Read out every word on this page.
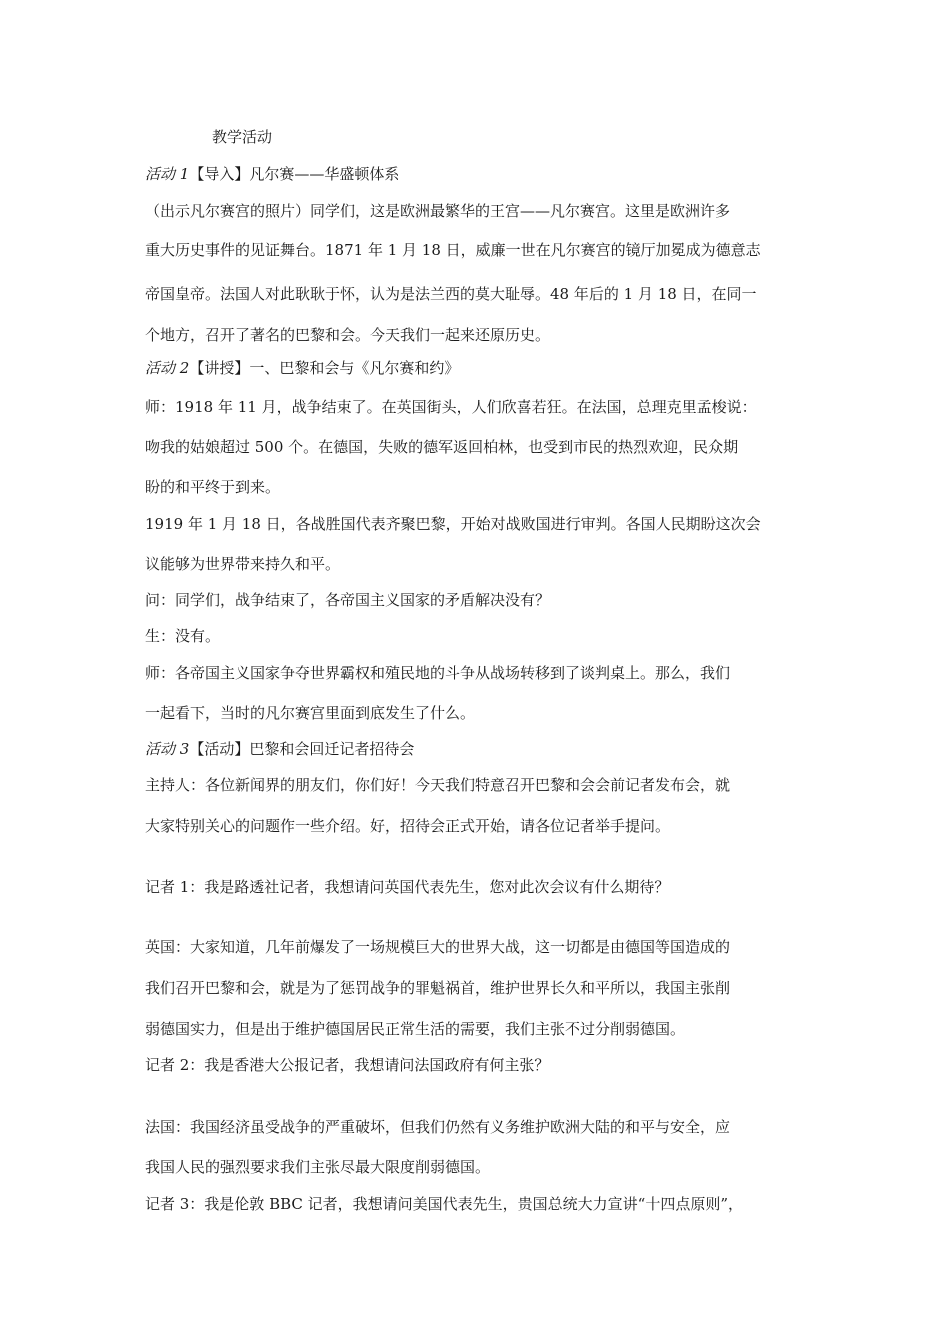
教学活动
活动 1【导入】凡尔赛——华盛顿体系
（出示凡尔赛宫的照片）同学们，这是欧洲最繁华的王宫——凡尔赛宫。这里是欧洲许多
重大历史事件的见证舞台。1871 年 1 月 18 日，威廉一世在凡尔赛宫的镜厅加冕成为德意志
帝国皇帝。法国人对此耿耿于怀，认为是法兰西的莫大耻辱。48 年后的 1 月 18 日，在同一
个地方，召开了著名的巴黎和会。今天我们一起来还原历史。
活动 2【讲授】一、巴黎和会与《凡尔赛和约》
师：1918 年 11 月，战争结束了。在英国街头，人们欣喜若狂。在法国，总理克里孟梭说：
吻我的姑娘超过 500 个。在德国，失败的德军返回柏林，也受到市民的热烈欢迎，民众期
盼的和平终于到来。
1919 年 1 月 18 日，各战胜国代表齐聚巴黎，开始对战败国进行审判。各国人民期盼这次会
议能够为世界带来持久和平。
问：同学们，战争结束了，各帝国主义国家的矛盾解决没有？
生：没有。
师：各帝国主义国家争夺世界霸权和殖民地的斗争从战场转移到了谈判桌上。那么，我们
一起看下，当时的凡尔赛宫里面到底发生了什么。
活动 3【活动】巴黎和会回迁记者招待会
主持人：各位新闻界的朋友们，你们好！今天我们特意召开巴黎和会会前记者发布会，就
大家特别关心的问题作一些介绍。好，招待会正式开始，请各位记者举手提问。
记者 1：我是路透社记者，我想请问英国代表先生，您对此次会议有什么期待？
英国：大家知道，几年前爆发了一场规模巨大的世界大战，这一切都是由德国等国造成的
我们召开巴黎和会，就是为了惩罚战争的罪魁祸首，维护世界长久和平所以，我国主张削
弱德国实力，但是出于维护德国居民正常生活的需要，我们主张不过分削弱德国。
记者 2：我是香港大公报记者，我想请问法国政府有何主张？
法国：我国经济虽受战争的严重破坏，但我们仍然有义务维护欧洲大陆的和平与安全，应
我国人民的强烈要求我们主张尽最大限度削弱德国。
记者 3：我是伦敦 BBC 记者，我想请问美国代表先生，贵国总统大力宣讲“十四点原则”，
